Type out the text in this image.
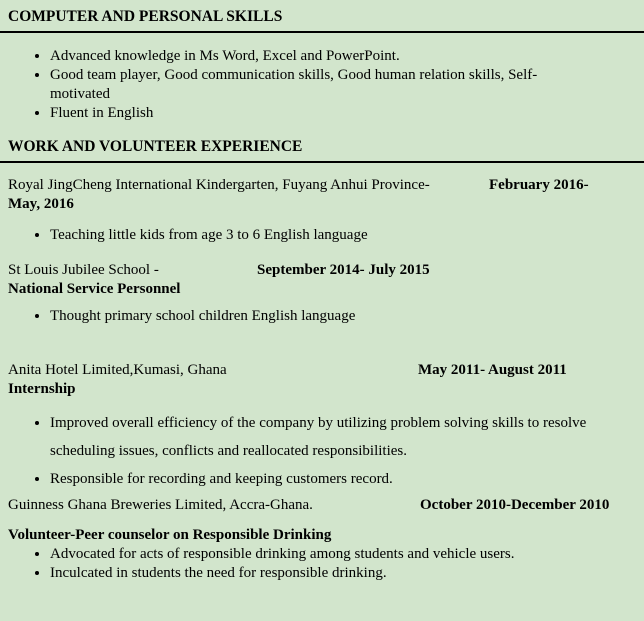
COMPUTER AND PERSONAL SKILLS
• Advanced knowledge in Ms Word, Excel and PowerPoint.
• Good team player, Good communication skills, Good human relation skills, Self-motivated
• Fluent in English
WORK AND VOLUNTEER EXPERIENCE

Royal JingCheng International Kindergarten, Fuyang Anhui Province-	February 2016-

May, 2016

• Teaching little kids from age 3 to 6 English language

St Louis Jubilee School -	September 2014- July 2015

National Service Personnel

• Thought primary school children English language

Anita Hotel Limited,Kumasi, Ghana	May 2011- August 2011

Internship

• Improved overall efficiency of the company by utilizing problem solving skills to resolve scheduling issues, conflicts and reallocated responsibilities.
• Responsible for recording and keeping customers record.

Guinness Ghana Breweries Limited, Accra-Ghana.	October 2010-December 2010

Volunteer-Peer counselor on Responsible Drinking

• Advocated for acts of responsible drinking among students and vehicle users.
• Inculcated in students the need for responsible drinking.
